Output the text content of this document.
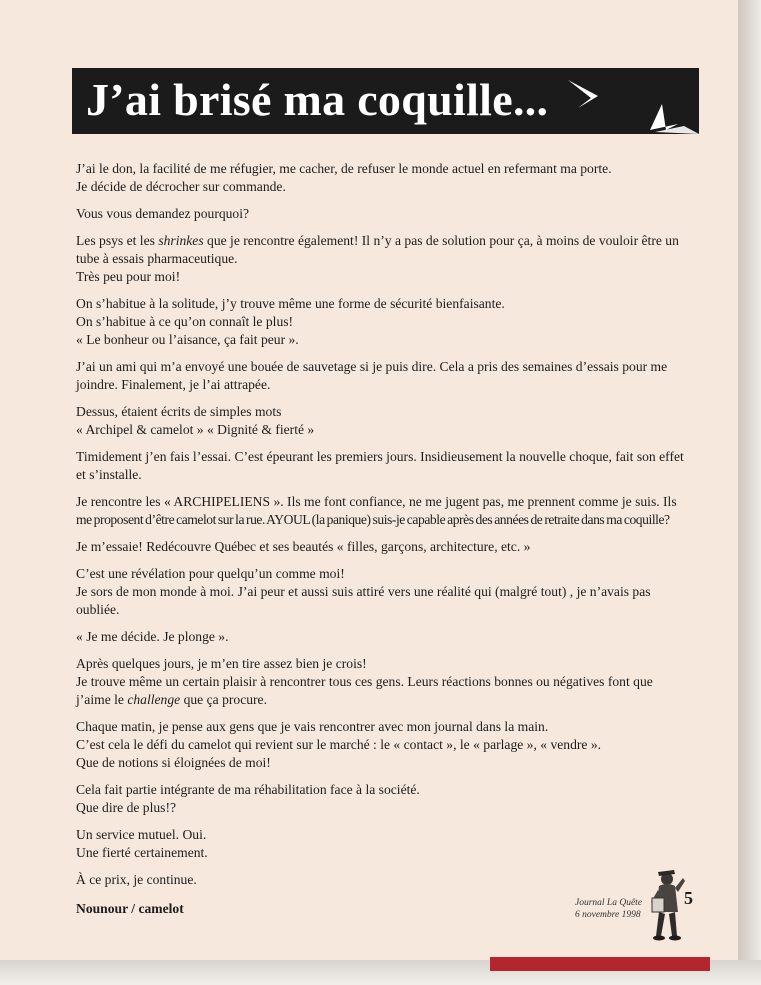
J’ai brisé ma coquille...

J’ai le don, la facilité de me réfugier, me cacher, de refuser le monde actuel en refermant ma porte.
Je décide de décrocher sur commande.

Vous vous demandez pourquoi?

Les psys et les shrinkes que je rencontre également! Il n’y a pas de solution pour ça, à moins de vouloir être un
tube à essais pharmaceutique.
Très peu pour moi!

On s’habitue à la solitude, j’y trouve même une forme de sécurité bienfaisante.
On s’habitue à ce qu’on connaît le plus!
« Le bonheur ou l’aisance, ça fait peur ».

J’ai un ami qui m’a envoyé une bouée de sauvetage si je puis dire. Cela a pris des semaines d’essais pour me
joindre. Finalement, je l’ai attrapée.

Dessus, étaient écrits de simples mots
« Archipel & camelot » « Dignité & fierté »

Timidement j’en fais l’essai. C’est épeurant les premiers jours. Insidieusement la nouvelle choque, fait son effet
et s’installe.

Je rencontre les « ARCHIPELIENS ». Ils me font confiance, ne me jugent pas, me prennent comme je suis. Ils
me proposent d’être camelot sur la rue. AYOUL (la panique) suis-je capable après des années de retraite dans ma coquille?

Je m’essaie! Redécouvre Québec et ses beautés « filles, garçons, architecture, etc. »

C’est une révélation pour quelqu’un comme moi!
Je sors de mon monde à moi. J’ai peur et aussi suis attiré vers une réalité qui (malgré tout) , je n’avais pas
oubliée.

« Je me décide. Je plonge ».

Après quelques jours, je m’en tire assez bien je crois!
Je trouve même un certain plaisir à rencontrer tous ces gens. Leurs réactions bonnes ou négatives font que
j’aime le challenge que ça procure.

Chaque matin, je pense aux gens que je vais rencontrer avec mon journal dans la main.
C’est cela le défi du camelot qui revient sur le marché : le « contact », le « parlage », « vendre ».
Que de notions si éloignées de moi!

Cela fait partie intégrante de ma réhabilitation face à la société.
Que dire de plus!?

Un service mutuel. Oui.
Une fierté certainement.

À ce prix, je continue.

Nounour / camelot	Journal La Quête
6 novembre 1998
5
